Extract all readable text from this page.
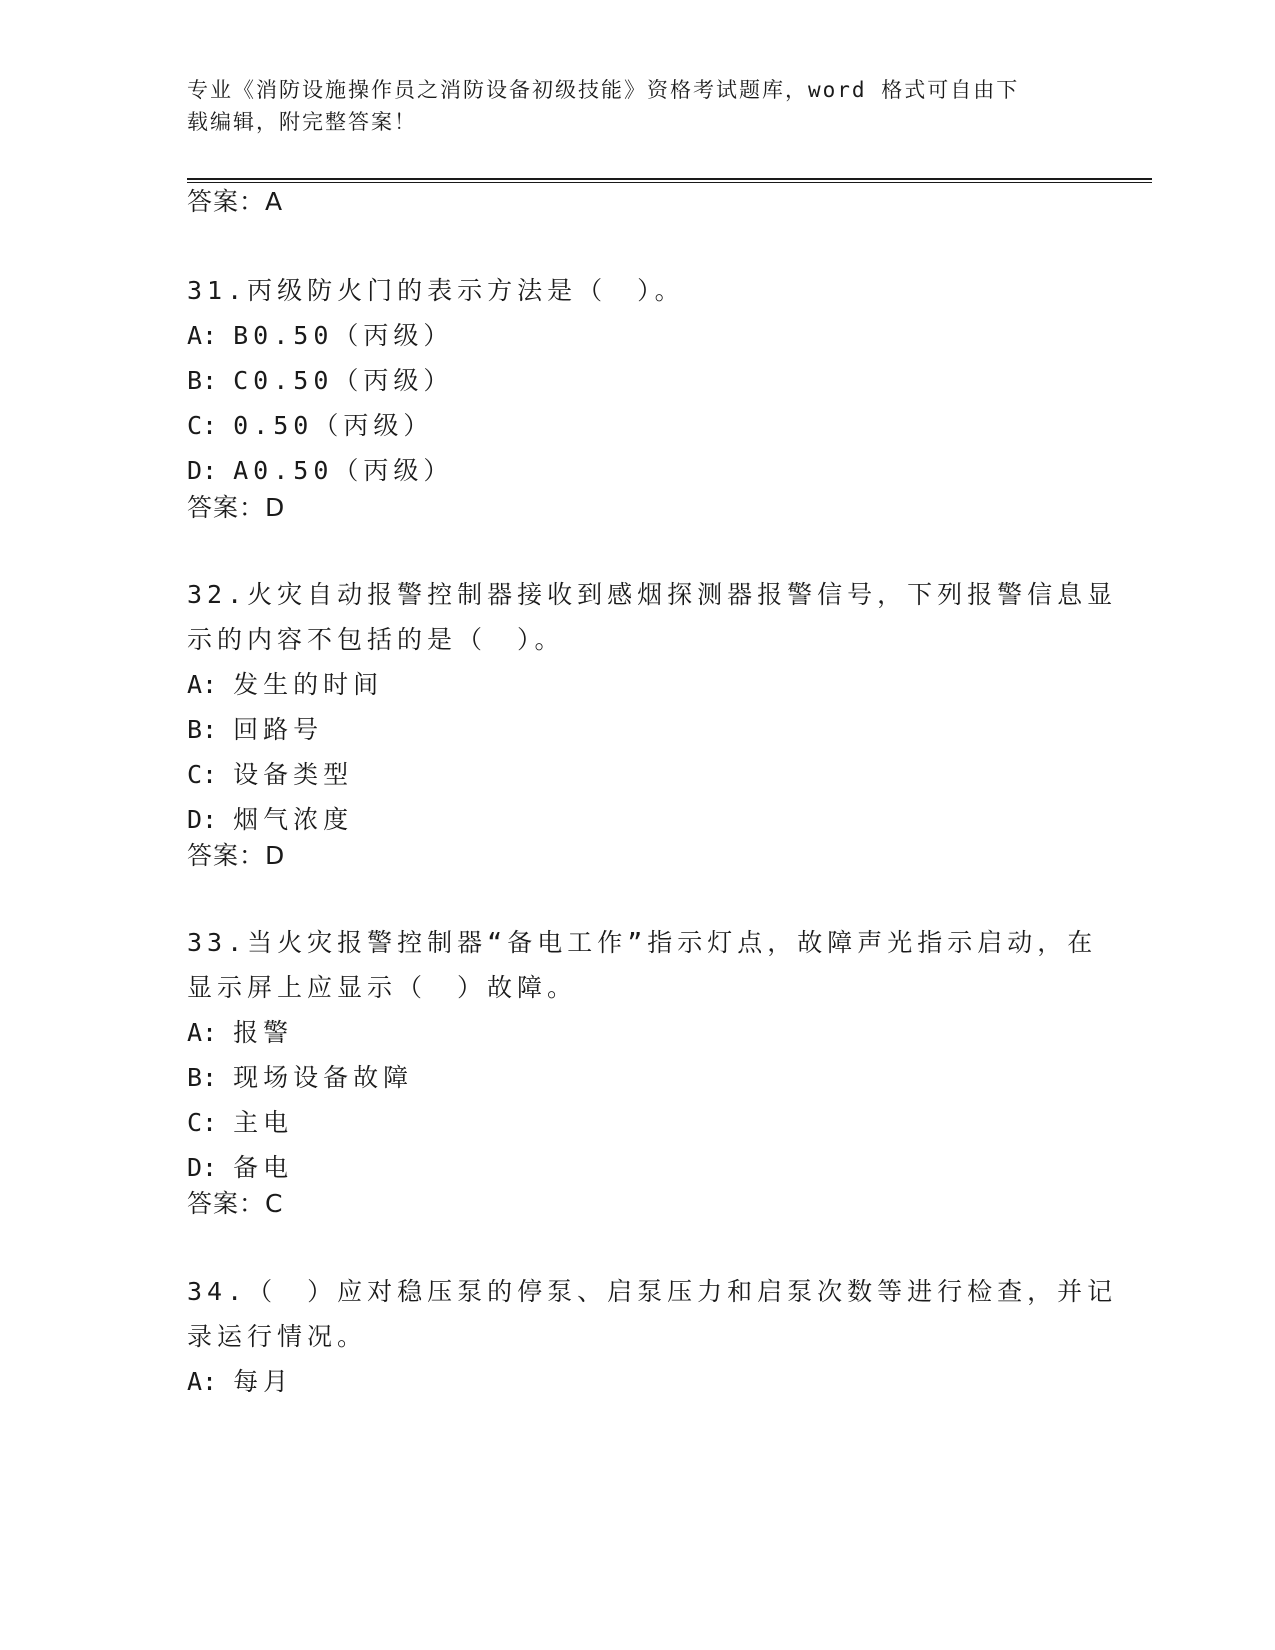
专业《消防设施操作员之消防设备初级技能》资格考试题库，word 格式可自由下
载编辑，附完整答案！
答案：A
31.丙级防火门的表示方法是（　）。
A: B0.50（丙级）
B: C0.50（丙级）
C: 0.50（丙级）
D: A0.50（丙级）
答案：D
32.火灾自动报警控制器接收到感烟探测器报警信号，下列报警信息显
示的内容不包括的是（　）。
A: 发生的时间
B: 回路号
C: 设备类型
D: 烟气浓度
答案：D
33.当火灾报警控制器“备电工作”指示灯点，故障声光指示启动，在
显示屏上应显示（　）故障。
A: 报警
B: 现场设备故障
C: 主电
D: 备电
答案：C
34.（　）应对稳压泵的停泵、启泵压力和启泵次数等进行检查，并记
录运行情况。
A: 每月
